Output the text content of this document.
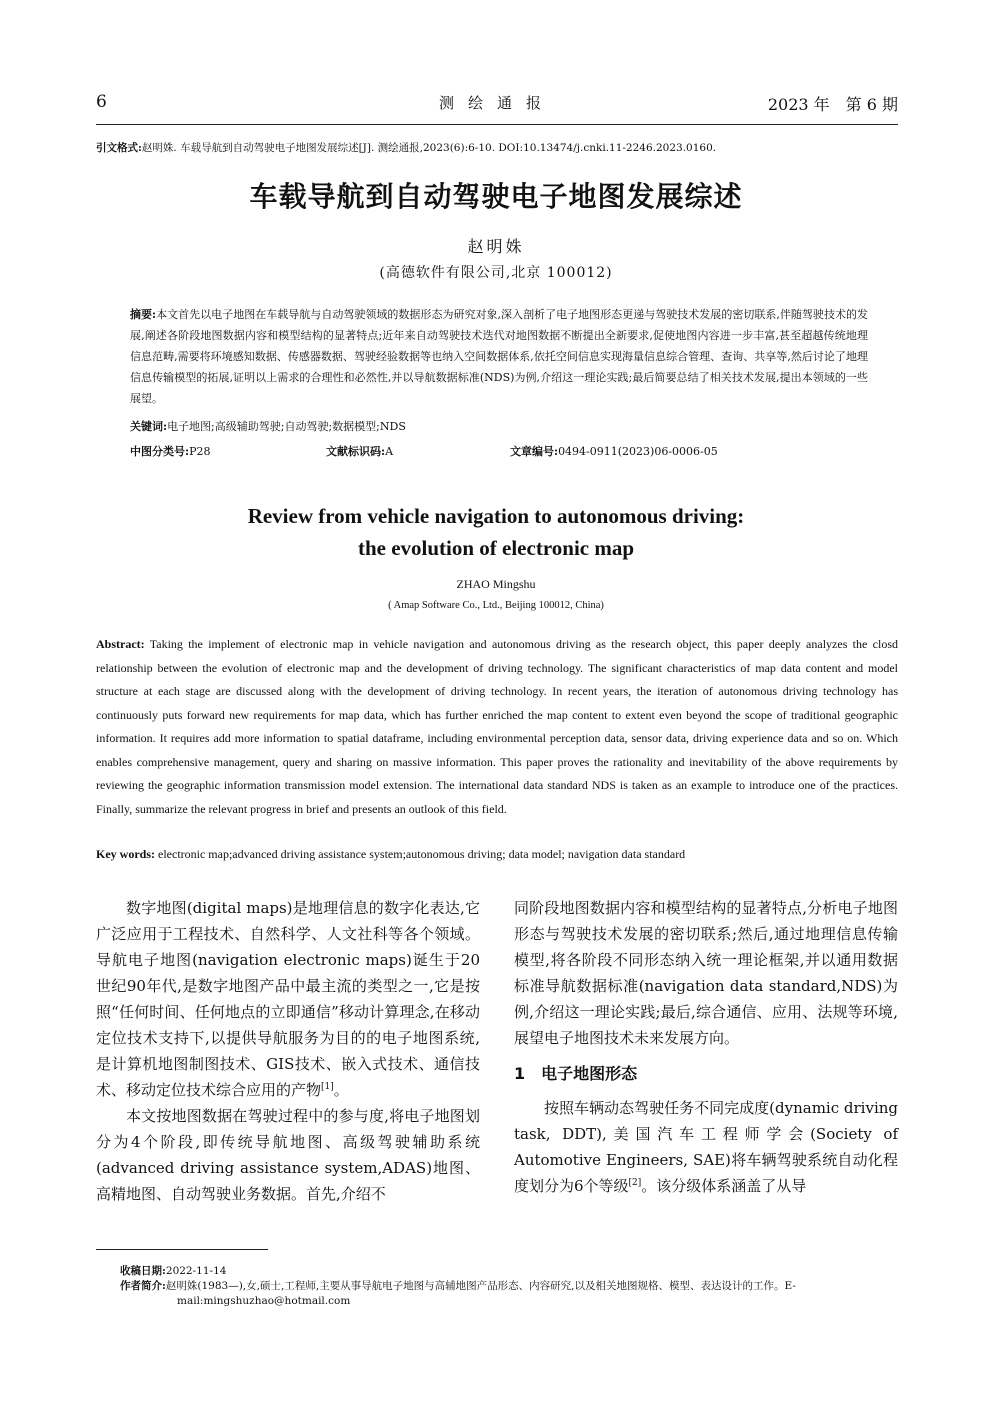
6	测绘通报	2023 年　第 6 期
引文格式:赵明姝. 车载导航到自动驾驶电子地图发展综述[J]. 测绘通报,2023(6):6-10. DOI:10.13474/j.cnki.11-2246.2023.0160.
车载导航到自动驾驶电子地图发展综述
赵明姝
(高德软件有限公司,北京 100012)
摘要:本文首先以电子地图在车载导航与自动驾驶领域的数据形态为研究对象,深入剖析了电子地图形态更递与驾驶技术发展的密切联系,伴随驾驶技术的发展,阐述各阶段地图数据内容和模型结构的显著特点;近年来自动驾驶技术迭代对地图数据不断提出全新要求,促使地图内容进一步丰富,甚至超越传统地理信息范畴,需要将环境感知数据、传感器数据、驾驶经验数据等也纳入空间数据体系,依托空间信息实现海量信息综合管理、查询、共享等,然后讨论了地理信息传输模型的拓展,证明以上需求的合理性和必然性,并以导航数据标准(NDS)为例,介绍这一理论实践;最后简要总结了相关技术发展,提出本领域的一些展望。
关键词:电子地图;高级辅助驾驶;自动驾驶;数据模型;NDS
中图分类号:P28	文献标识码:A	文章编号:0494-0911(2023)06-0006-05
Review from vehicle navigation to autonomous driving:
the evolution of electronic map
ZHAO Mingshu
( Amap Software Co., Ltd., Beijing 100012, China)
Abstract: Taking the implement of electronic map in vehicle navigation and autonomous driving as the research object, this paper deeply analyzes the closd relationship between the evolution of electronic map and the development of driving technology. The significant characteristics of map data content and model structure at each stage are discussed along with the development of driving technology. In recent years, the iteration of autonomous driving technology has continuously puts forward new requirements for map data, which has further enriched the map content to extent even beyond the scope of traditional geographic information. It requires add more information to spatial dataframe, including environmental perception data, sensor data, driving experience data and so on. Which enables comprehensive management, query and sharing on massive information. This paper proves the rationality and inevitability of the above requirements by reviewing the geographic information transmission model extension. The international data standard NDS is taken as an example to introduce one of the practices. Finally, summarize the relevant progress in brief and presents an outlook of this field.
Key words: electronic map;advanced driving assistance system;autonomous driving; data model; navigation data standard

数字地图(digital maps)是地理信息的数字化表达,它广泛应用于工程技术、自然科学、人文社科等各个领域。导航电子地图(navigation electronic maps)诞生于20世纪90年代,是数字地图产品中最主流的类型之一,它是按照“任何时间、任何地点的立即通信”移动计算理念,在移动定位技术支持下,以提供导航服务为目的的电子地图系统,是计算机地图制图技术、GIS技术、嵌入式技术、通信技术、移动定位技术综合应用的产物[1]。

本文按地图数据在驾驶过程中的参与度,将电子地图划分为4个阶段,即传统导航地图、高级驾驶辅助系统(advanced driving assistance system,ADAS)地图、高精地图、自动驾驶业务数据。首先,介绍不

同阶段地图数据内容和模型结构的显著特点,分析电子地图形态与驾驶技术发展的密切联系;然后,通过地理信息传输模型,将各阶段不同形态纳入统一理论框架,并以通用数据标准导航数据标准(navigation data standard,NDS)为例,介绍这一理论实践;最后,综合通信、应用、法规等环境,展望电子地图技术未来发展方向。

1　电子地图形态

按照车辆动态驾驶任务不同完成度(dynamic driving task, DDT),美国汽车工程师学会(Society of Automotive Engineers, SAE)将车辆驾驶系统自动化程度划分为6个等级[2]。该分级体系涵盖了从导

收稿日期:2022-11-14
作者简介:赵明姝(1983—),女,硕士,工程师,主要从事导航电子地图与高辅地图产品形态、内容研究,以及相关地图规格、模型、表达设计的工作。E-mail:mingshuzhao@hotmail.com
